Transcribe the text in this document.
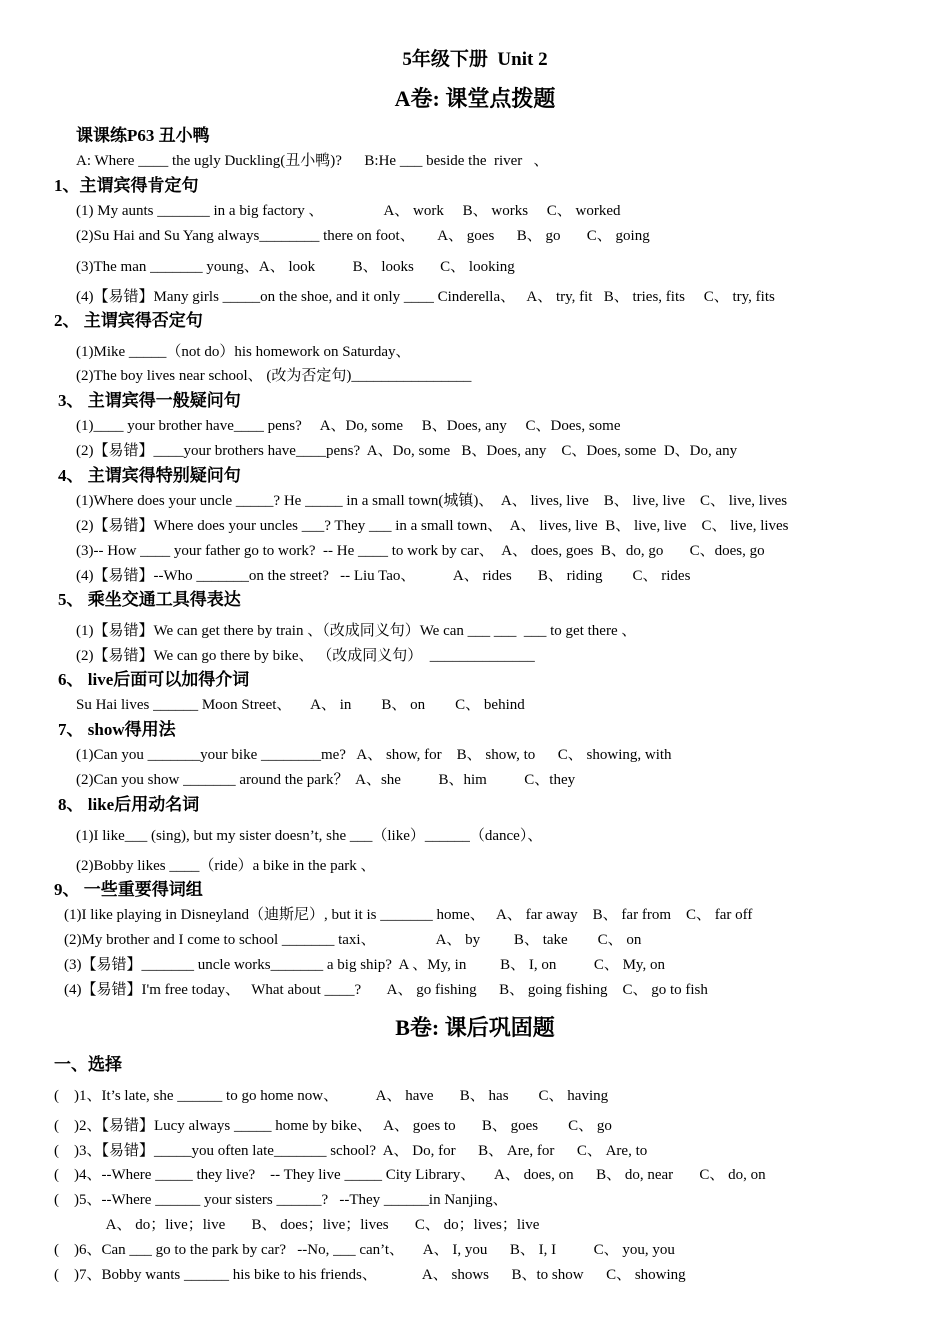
5年级下册  Unit 2
A卷: 课堂点拨题
课课练P63 丑小鸭
A: Where ____ the ugly Duckling(丑小鸭)?      B:He ___ beside the  river   、
1、主谓宾得肯定句
(1) My aunts _______ in a big factory 、                A、 work     B、 works     C、 worked
(2)Su Hai and Su Yang always________ there on foot、      A、 goes      B、 go       C、 going
(3)The man _______ young、A、 look          B、 looks       C、 looking
(4)【易错】Many girls _____on the shoe, and it only ____ Cinderella、   A、 try, fit   B、 tries, fits     C、 try, fits
2、 主谓宾得否定句
(1)Mike _____（not do）his homework on Saturday、
(2)The boy lives near school、 (改为否定句)________________
3、 主谓宾得一般疑问句
(1)____ your brother have____ pens?     A、Do, some     B、Does, any     C、Does, some
(2)【易错】____your brothers have____pens?  A、Do, some   B、Does, any    C、Does, some  D、Do, any
4、 主谓宾得特别疑问句
(1)Where does your uncle _____? He _____ in a small town(城镇)、  A、 lives, live    B、 live, live    C、 live, lives
(2)【易错】Where does your uncles ___? They ___ in a small town、  A、 lives, live  B、 live, live    C、 live, lives
(3)-- How ____ your father go to work?  -- He ____ to work by car、  A、 does, goes  B、do, go       C、does, go
(4)【易错】--Who _______on the street?   -- Liu Tao、          A、 rides       B、 riding        C、 rides
5、 乘坐交通工具得表达
(1)【易错】We can get there by train 、（改成同义句）We can ___ ___  ___ to get there 、
(2)【易错】We can go there by bike、 （改成同义句）  ______________
6、 live后面可以加得介词
Su Hai lives ______ Moon Street、     A、 in        B、 on        C、 behind
7、 show得用法
(1)Can you _______your bike ________me?   A、 show, for    B、 show, to      C、 showing, with
(2)Can you show _______ around the park？  A、she          B、him          C、they
8、 like后用动名词
(1)I like___ (sing), but my sister doesn’t, she ___（like）______（dance）、
(2)Bobby likes ____（ride）a bike in the park 、
9、 一些重要得词组
(1)I like playing in Disneyland（迪斯尼）, but it is _______ home、   A、 far away    B、 far from    C、 far off
(2)My brother and I come to school _______ taxi、                A、 by         B、 take        C、 on
(3)【易错】_______ uncle works_______ a big ship?  A 、My, in         B、 I, on          C、 My, on
(4)【易错】I'm free today、   What about ____?       A、 go fishing      B、 going fishing    C、 go to fish
B卷: 课后巩固题
一、选择
(    )1、It’s late, she ______ to go home now、          A、 have       B、 has        C、 having
(    )2、【易错】Lucy always _____ home by bike、   A、 goes to       B、 goes        C、 go
(    )3、【易错】_____you often late_______ school?  A、 Do, for      B、 Are, for      C、 Are, to
(    )4、--Where _____ they live?    -- They live _____ City Library、     A、 does, on      B、 do, near       C、 do, on
(    )5、--Where ______ your sisters ______?   --They ______in Nanjing、
A、 do；live；live       B、 does；live；lives       C、 do；lives；live
(    )6、Can ___ go to the park by car?   --No, ___ can’t、     A、 I, you      B、 I, I          C、 you, you
(    )7、Bobby wants ______ his bike to his friends、            A、 shows      B、to show      C、 showing
